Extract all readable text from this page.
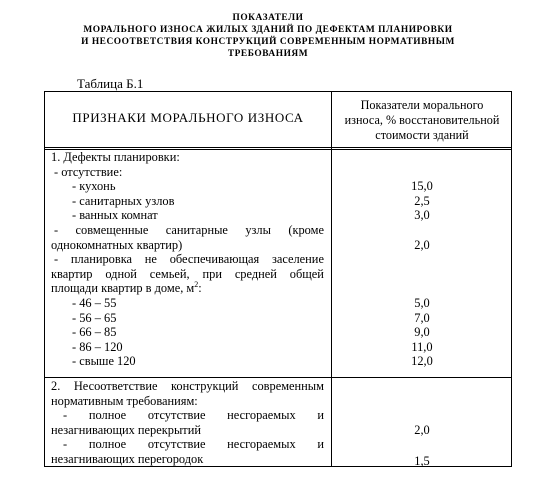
ПОКАЗАТЕЛИ
МОРАЛЬНОГО ИЗНОСА ЖИЛЫХ ЗДАНИЙ ПО ДЕФЕКТАМ ПЛАНИРОВКИ
И НЕСООТВЕТСТВИЯ КОНСТРУКЦИЙ СОВРЕМЕННЫМ НОРМАТИВНЫМ
ТРЕБОВАНИЯМ
Таблица Б.1
ПРИЗНАКИ МОРАЛЬНОГО ИЗНОСА
Показатели морального
износа, % восстановительной
стоимости зданий
1. Дефекты планировки:
- отсутствие:
- кухонь	15,0
- санитарных узлов	2,5
- ванных комнат	3,0
- совмещенные санитарные узлы (кроме
однокомнатных квартир)	2,0
- планировка не обеспечивающая заселение
квартир одной семьей, при средней общей
площади квартир в доме, $м^2$:
- 46 – 55	5,0
- 56 – 65	7,0
- 66 – 85	9,0
- 86 – 120	11,0
- свыше 120	12,0
2. Несоответствие конструкций современным
нормативным требованиям:
- полное отсутствие несгораемых и
незагнивающих перекрытий	2,0
- полное отсутствие несгораемых и
незагнивающих перегородок	1,5
